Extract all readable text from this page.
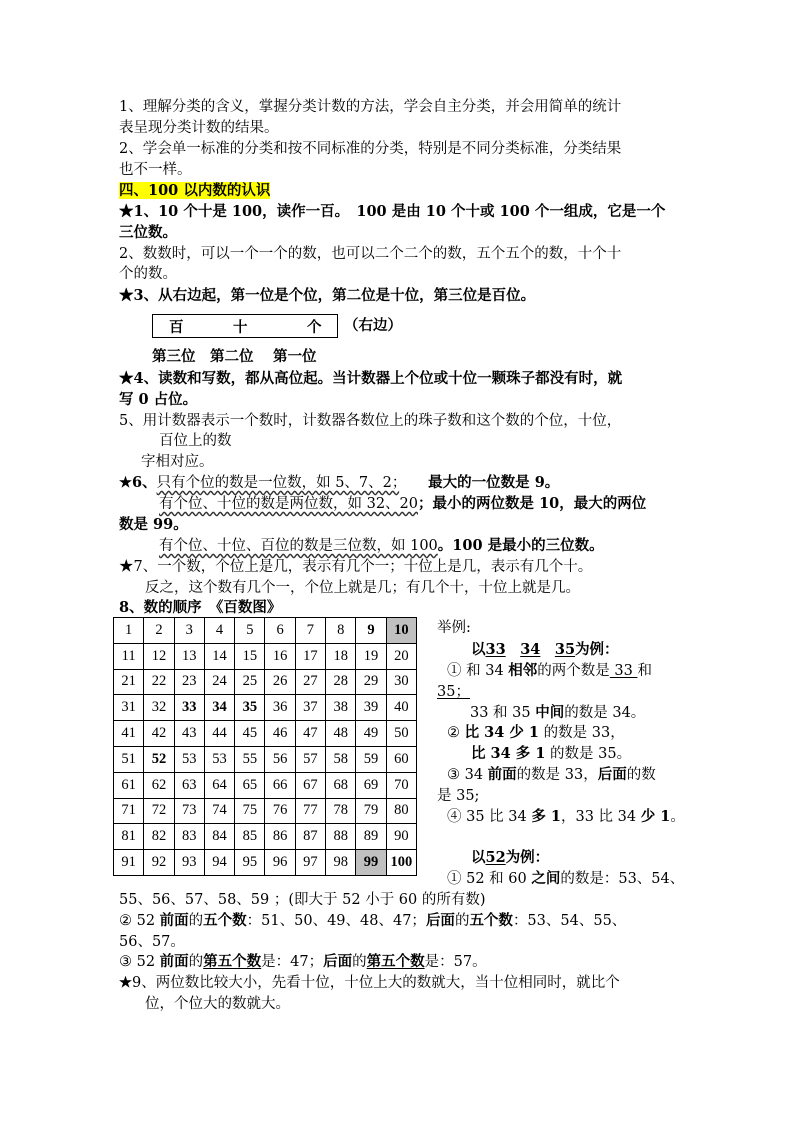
1、理解分类的含义，掌握分类计数的方法，学会自主分类，并会用简单的统计
表呈现分类计数的结果。
2、学会单一标准的分类和按不同标准的分类，特别是不同分类标准，分类结果
也不一样。
四、100 以内数的认识
★1、10 个十是 100，读作一百。　100 是由 10 个十或 100 个一组成，它是一个
三位数。
2、数数时，可以一个一个的数，也可以二个二个的数，五个五个的数，十个十
个的数。
★3、从右边起，第一位是个位，第二位是十位，第三位是百位。
百	十	个 （右边）
第三位　第二位　 第一位
★4、读数和写数，都从高位起。当计数器上个位或十位一颗珠子都没有时，就
写 0 占位。
5、用计数器表示一个数时，计数器各数位上的珠子数和这个数的个位，十位，
百位上的数
字相对应。
★6、只有个位的数是一位数，如 5、7、2；　　最大的一位数是 9。
有个位、十位的数是两位数，如 32、20；最小的两位数是 10，最大的两位
数是 99。
有个位、十位、百位的数是三位数，如 100。100 是最小的三位数。
★7、一个数，个位上是几，表示有几个一；十位上是几，表示有几个十。
反之，这个数有几个一，个位上就是几；有几个十，十位上就是几。
8、数的顺序　《百数图》
1	2	3	4	5	6	7	8	9	10
11	12	13	14	15	16	17	18	19	20
21	22	23	24	25	26	27	28	29	30
31	32	33	34	35	36	37	38	39	40
41	42	43	44	45	46	47	48	49	50
51	52	53	53	55	56	57	58	59	60
61	62	63	64	65	66	67	68	69	70
71	72	73	74	75	76	77	78	79	80
81	82	83	84	85	86	87	88	89	90
91	92	93	94	95	96	97	98	99	100
举例:
以33　 34　 35为例：
① 和 34 相邻的两个数是 33 和
35；
33 和 35 中间的数是 34。
② 比 34 少 1 的数是 33，
比 34 多 1 的数是 35。
③ 34 前面的数是 33，后面的数
是 35;
④ 35 比 34 多 1，33 比 34 少 1。
以52为例：
① 52 和 60 之间的数是：53、54、
55、56、57、58、59 ；(即大于 52 小于 60 的所有数)
② 52 前面的五个数：51、50、49、48、47；后面的五个数：53、54、55、
56、57。
③ 52 前面的第五个数是：47；后面的第五个数是：57。
★9、两位数比较大小，先看十位，十位上大的数就大，当十位相同时，就比个
位，个位大的数就大。
